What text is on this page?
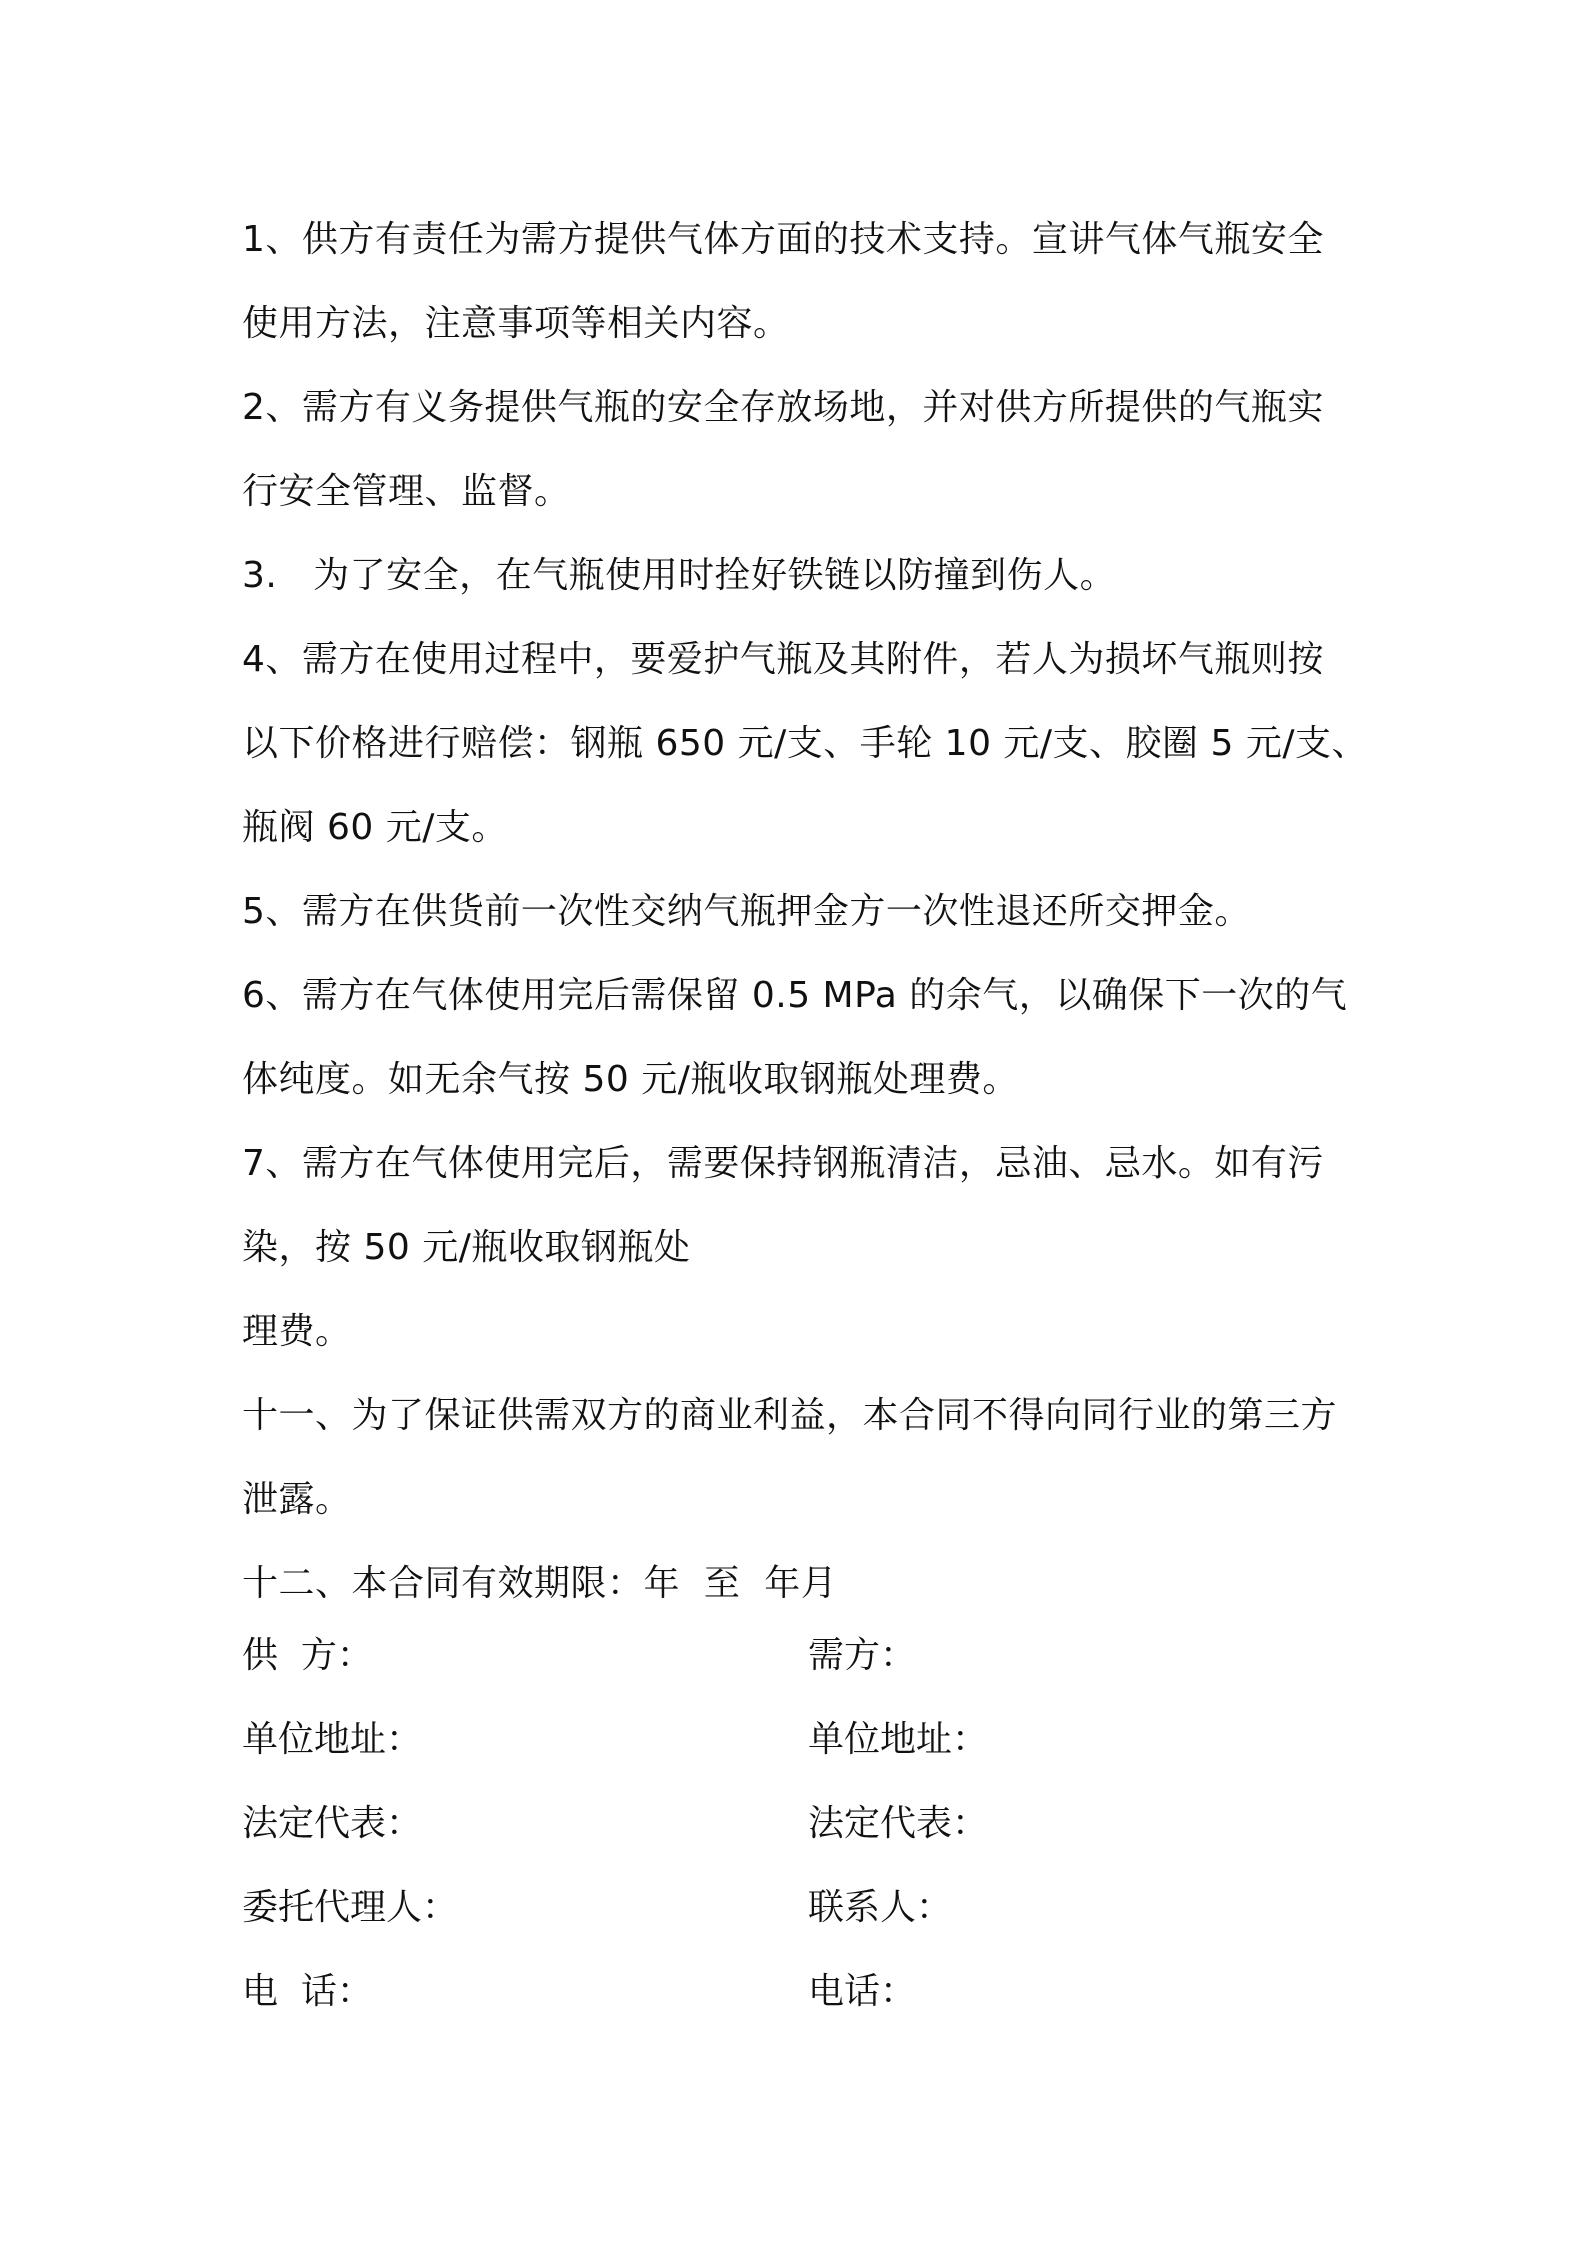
1、供方有责任为需方提供气体方面的技术支持。宣讲气体气瓶安全
使用方法，注意事项等相关内容。
2、需方有义务提供气瓶的安全存放场地，并对供方所提供的气瓶实
行安全管理、监督。
3.   为了安全，在气瓶使用时拴好铁链以防撞到伤人。
4、需方在使用过程中，要爱护气瓶及其附件，若人为损坏气瓶则按
以下价格进行赔偿：钢瓶 650 元/支、手轮 10 元/支、胶圈 5 元/支、
瓶阀 60 元/支。
5、需方在供货前一次性交纳气瓶押金方一次性退还所交押金。
6、需方在气体使用完后需保留 0.5 MPa 的余气，以确保下一次的气
体纯度。如无余气按 50 元/瓶收取钢瓶处理费。
7、需方在气体使用完后，需要保持钢瓶清洁，忌油、忌水。如有污
染，按 50 元/瓶收取钢瓶处
理费。
十一、为了保证供需双方的商业利益，本合同不得向同行业的第三方
泄露。
十二、本合同有效期限：年  至  年月
供  方：	需方：
单位地址：	单位地址：
法定代表：	法定代表：
委托代理人：	联系人：
电  话：	电话：
